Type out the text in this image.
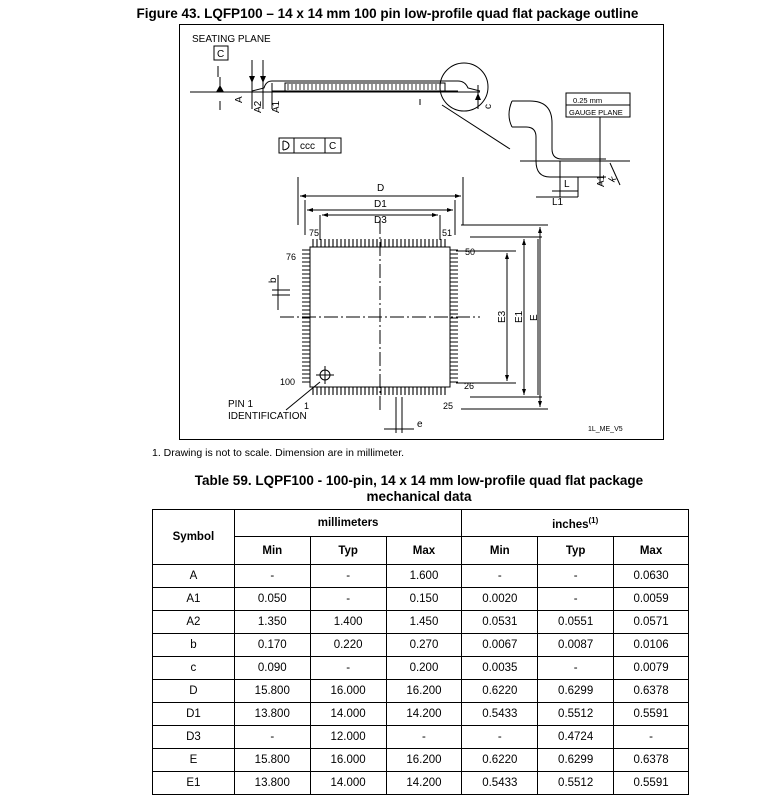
Figure 43. LQFP100 – 14 x 14 mm 100 pin low-profile quad flat package outline
SEATING PLANE
C
A
A2 A1	c
ccc C
0.25 mm
GAUGE PLANE
L
L1
A1 k
D
D1
D3
75	51
76	50
100	26
1	25
b
e
E3 E1 E
PIN 1
IDENTIFICATION
1L_ME_V5
1. Drawing is not to scale. Dimension are in millimeter.
Table 59. LQPF100 - 100-pin, 14 x 14 mm low-profile quad flat package
mechanical data
Symbol	millimeters			inches$^{(1)}$
	Min	Typ	Max	Min	Typ	Max
A	-	-	1.600	-	-	0.0630
A1	0.050	-	0.150	0.0020	-	0.0059
A2	1.350	1.400	1.450	0.0531	0.0551	0.0571
b	0.170	0.220	0.270	0.0067	0.0087	0.0106
c	0.090	-	0.200	0.0035	-	0.0079
D	15.800	16.000	16.200	0.6220	0.6299	0.6378
D1	13.800	14.000	14.200	0.5433	0.5512	0.5591
D3	-	12.000	-	-	0.4724	-
E	15.800	16.000	16.200	0.6220	0.6299	0.6378
E1	13.800	14.000	14.200	0.5433	0.5512	0.5591
